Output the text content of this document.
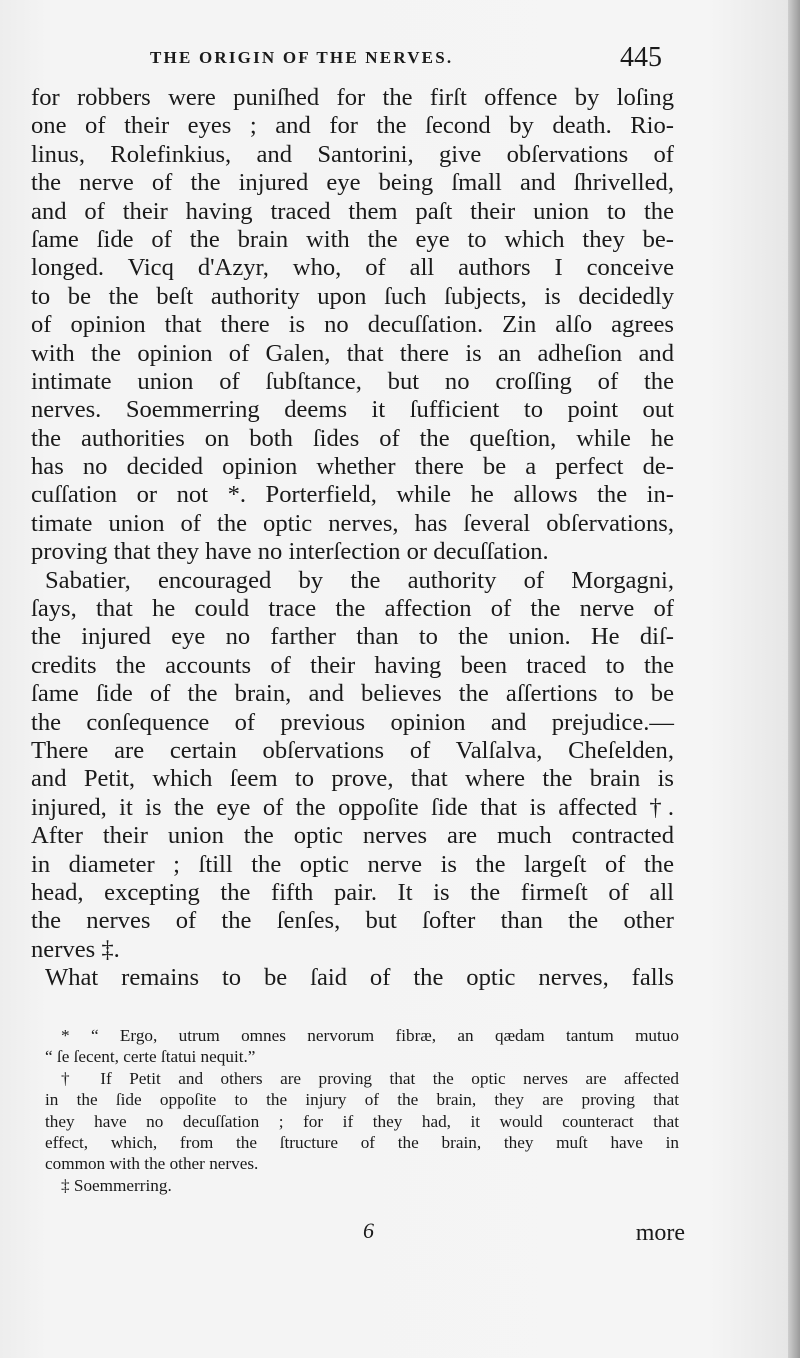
THE ORIGIN OF THE NERVES.	445
for robbers were puniſhed for the firſt offence by loſing
one of their eyes ; and for the ſecond by death. Rio-
linus, Rolefinkius, and Santorini, give obſervations of
the nerve of the injured eye being ſmall and ſhrivelled,
and of their having traced them paſt their union to the
ſame ſide of the brain with the eye to which they be-
longed. Vicq d'Azyr, who, of all authors I conceive
to be the beſt authority upon ſuch ſubjects, is decidedly
of opinion that there is no decuſſation. Zin alſo agrees
with the opinion of Galen, that there is an adheſion and
intimate union of ſubſtance, but no croſſing of the
nerves. Soemmerring deems it ſufficient to point out
the authorities on both ſides of the queſtion, while he
has no decided opinion whether there be a perfect de-
cuſſation or not *. Porterfield, while he allows the in-
timate union of the optic nerves, has ſeveral obſervations,
proving that they have no interſection or decuſſation.
Sabatier, encouraged by the authority of Morgagni,
ſays, that he could trace the affection of the nerve of
the injured eye no farther than to the union. He diſ-
credits the accounts of their having been traced to the
ſame ſide of the brain, and believes the aſſertions to be
the conſequence of previous opinion and prejudice.—
There are certain obſervations of Valſalva, Cheſelden,
and Petit, which ſeem to prove, that where the brain is
injured, it is the eye of the oppoſite ſide that is affected †.
After their union the optic nerves are much contracted
in diameter ; ſtill the optic nerve is the largeſt of the
head, excepting the fifth pair. It is the firmeſt of all
the nerves of the ſenſes, but ſofter than the other
nerves ‡.
What remains to be ſaid of the optic nerves, falls
* “ Ergo, utrum omnes nervorum fibræ, an qædam tantum mutuo
“ ſe ſecent, certe ſtatui nequit.”
† If Petit and others are proving that the optic nerves are affected
in the ſide oppoſite to the injury of the brain, they are proving that
they have no decuſſation ; for if they had, it would counteract that
effect, which, from the ſtructure of the brain, they muſt have in
common with the other nerves.
‡ Soemmerring.
6	more
